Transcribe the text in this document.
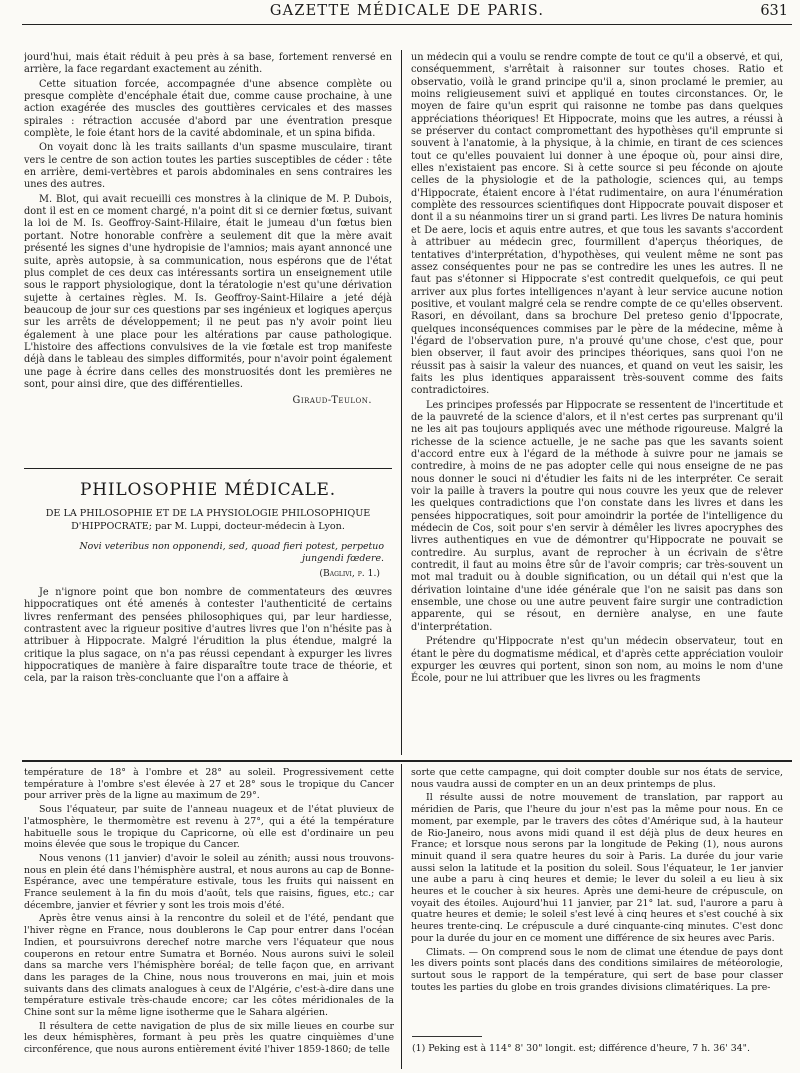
GAZETTE MÉDICALE DE PARIS.	631

jourd'hui, mais était réduit à peu près à sa base, fortement renversé en arrière, la face regardant exactement au zénith.

Cette situation forcée, accompagnée d'une absence complète ou presque complète d'encéphale était due, comme cause prochaine, à une action exagérée des muscles des gouttières cervicales et des masses spirales : rétraction accusée d'abord par une éventration presque complète, le foie étant hors de la cavité abdominale, et un spina bifida.

On voyait donc là les traits saillants d'un spasme musculaire, tirant vers le centre de son action toutes les parties susceptibles de céder : tête en arrière, demi-vertèbres et parois abdominales en sens contraires les unes des autres.

M. Blot, qui avait recueilli ces monstres à la clinique de M. P. Dubois, dont il est en ce moment chargé, n'a point dit si ce dernier fœtus, suivant la loi de M. Is. Geoffroy-Saint-Hilaire, était le jumeau d'un fœtus bien portant. Notre honorable confrère a seulement dit que la mère avait présenté les signes d'une hydropisie de l'amnios; mais ayant annoncé une suite, après autopsie, à sa communication, nous espérons que de l'état plus complet de ces deux cas intéressants sortira un enseignement utile sous le rapport physiologique, dont la tératologie n'est qu'une dérivation sujette à certaines règles. M. Is. Geoffroy-Saint-Hilaire a jeté déjà beaucoup de jour sur ces questions par ses ingénieux et logiques aperçus sur les arrêts de développement; il ne peut pas n'y avoir point lieu également à une place pour les altérations par cause pathologique. L'histoire des affections convulsives de la vie fœtale est trop manifeste déjà dans le tableau des simples difformités, pour n'avoir point également une page à écrire dans celles des monstruosités dont les premières ne sont, pour ainsi dire, que des différentielles.

Giraud-Teulon.

PHILOSOPHIE MÉDICALE.
DE LA PHILOSOPHIE ET DE LA PHYSIOLOGIE PHILOSOPHIQUE
D'HIPPOCRATE; par M. Luppi, docteur-médecin à Lyon.
Novi veteribus non opponendi, sed, quoad fieri potest, perpetuo jungendi fœdere.
(Baglivi, p. 1.)

Je n'ignore point que bon nombre de commentateurs des œuvres hippocratiques ont été amenés à contester l'authenticité de certains livres renfermant des pensées philosophiques qui, par leur hardiesse, contrastent avec la rigueur positive d'autres livres que l'on n'hésite pas à attribuer à Hippocrate. Malgré l'érudition la plus étendue, malgré la critique la plus sagace, on n'a pas réussi cependant à expurger les livres hippocratiques de manière à faire disparaître toute trace de théorie, et cela, par la raison très-concluante que l'on a affaire à

un médecin qui a voulu se rendre compte de tout ce qu'il a observé, et qui, conséquemment, s'arrêtait à raisonner sur toutes choses. Ratio et observatio, voilà le grand principe qu'il a, sinon proclamé le premier, au moins religieusement suivi et appliqué en toutes circonstances. Or, le moyen de faire qu'un esprit qui raisonne ne tombe pas dans quelques appréciations théoriques! Et Hippocrate, moins que les autres, a réussi à se préserver du contact compromettant des hypothèses qu'il emprunte si souvent à l'anatomie, à la physique, à la chimie, en tirant de ces sciences tout ce qu'elles pouvaient lui donner à une époque où, pour ainsi dire, elles n'existaient pas encore. Si à cette source si peu féconde on ajoute celles de la physiologie et de la pathologie, sciences qui, au temps d'Hippocrate, étaient encore à l'état rudimentaire, on aura l'énumération complète des ressources scientifiques dont Hippocrate pouvait disposer et dont il a su néanmoins tirer un si grand parti. Les livres De natura hominis et De aere, locis et aquis entre autres, et que tous les savants s'accordent à attribuer au médecin grec, fourmillent d'aperçus théoriques, de tentatives d'interprétation, d'hypothèses, qui veulent même ne sont pas assez conséquentes pour ne pas se contredire les unes les autres. Il ne faut pas s'étonner si Hippocrate s'est contredit quelquefois, ce qui peut arriver aux plus fortes intelligences n'ayant à leur service aucune notion positive, et voulant malgré cela se rendre compte de ce qu'elles observent. Rasori, en dévoilant, dans sa brochure Del preteso genio d'Ippocrate, quelques inconséquences commises par le père de la médecine, même à l'égard de l'observation pure, n'a prouvé qu'une chose, c'est que, pour bien observer, il faut avoir des principes théoriques, sans quoi l'on ne réussit pas à saisir la valeur des nuances, et quand on veut les saisir, les faits les plus identiques apparaissent très-souvent comme des faits contradictoires.

Les principes professés par Hippocrate se ressentent de l'incertitude et de la pauvreté de la science d'alors, et il n'est certes pas surprenant qu'il ne les ait pas toujours appliqués avec une méthode rigoureuse. Malgré la richesse de la science actuelle, je ne sache pas que les savants soient d'accord entre eux à l'égard de la méthode à suivre pour ne jamais se contredire, à moins de ne pas adopter celle qui nous enseigne de ne pas nous donner le souci ni d'étudier les faits ni de les interpréter. Ce serait voir la paille à travers la poutre qui nous couvre les yeux que de relever les quelques contradictions que l'on constate dans les livres et dans les pensées hippocratiques, soit pour amoindrir la portée de l'intelligence du médecin de Cos, soit pour s'en servir à démêler les livres apocryphes des livres authentiques en vue de démontrer qu'Hippocrate ne pouvait se contredire. Au surplus, avant de reprocher à un écrivain de s'être contredit, il faut au moins être sûr de l'avoir compris; car très-souvent un mot mal traduit ou à double signification, ou un détail qui n'est que la dérivation lointaine d'une idée générale que l'on ne saisit pas dans son ensemble, une chose ou une autre peuvent faire surgir une contradiction apparente, qui se résout, en dernière analyse, en une faute d'interprétation.

Prétendre qu'Hippocrate n'est qu'un médecin observateur, tout en étant le père du dogmatisme médical, et d'après cette appréciation vouloir expurger les œuvres qui portent, sinon son nom, au moins le nom d'une École, pour ne lui attribuer que les livres ou les fragments

température de 18° à l'ombre et 28° au soleil. Progressivement cette température à l'ombre s'est élevée à 27 et 28° sous le tropique du Cancer pour arriver près de la ligne au maximum de 29°.

Sous l'équateur, par suite de l'anneau nuageux et de l'état pluvieux de l'atmosphère, le thermomètre est revenu à 27°, qui a été la température habituelle sous le tropique du Capricorne, où elle est d'ordinaire un peu moins élevée que sous le tropique du Cancer.

Nous venons (11 janvier) d'avoir le soleil au zénith; aussi nous trouvons-nous en plein été dans l'hémisphère austral, et nous aurons au cap de Bonne-Espérance, avec une température estivale, tous les fruits qui naissent en France seulement à la fin du mois d'août, tels que raisins, figues, etc.; car décembre, janvier et février y sont les trois mois d'été.

Après être venus ainsi à la rencontre du soleil et de l'été, pendant que l'hiver règne en France, nous doublerons le Cap pour entrer dans l'océan Indien, et poursuivrons derechef notre marche vers l'équateur que nous couperons en retour entre Sumatra et Bornéo. Nous aurons suivi le soleil dans sa marche vers l'hémisphère boréal; de telle façon que, en arrivant dans les parages de la Chine, nous nous trouverons en mai, juin et mois suivants dans des climats analogues à ceux de l'Algérie, c'est-à-dire dans une température estivale très-chaude encore; car les côtes méridionales de la Chine sont sur la même ligne isotherme que le Sahara algérien.

Il résultera de cette navigation de plus de six mille lieues en courbe sur les deux hémisphères, formant à peu près les quatre cinquièmes d'une circonférence, que nous aurons entièrement évité l'hiver 1859-1860; de telle

sorte que cette campagne, qui doit compter double sur nos états de service, nous vaudra aussi de compter en un an deux printemps de plus.

Il résulte aussi de notre mouvement de translation, par rapport au méridien de Paris, que l'heure du jour n'est pas la même pour nous. En ce moment, par exemple, par le travers des côtes d'Amérique sud, à la hauteur de Rio-Janeiro, nous avons midi quand il est déjà plus de deux heures en France; et lorsque nous serons par la longitude de Peking (1), nous aurons minuit quand il sera quatre heures du soir à Paris. La durée du jour varie aussi selon la latitude et la position du soleil. Sous l'équateur, le 1er janvier une aube a paru à cinq heures et demie; le lever du soleil a eu lieu à six heures et le coucher à six heures. Après une demi-heure de crépuscule, on voyait des étoiles. Aujourd'hui 11 janvier, par 21° lat. sud, l'aurore a paru à quatre heures et demie; le soleil s'est levé à cinq heures et s'est couché à six heures trente-cinq. Le crépuscule a duré cinquante-cinq minutes. C'est donc pour la durée du jour en ce moment une différence de six heures avec Paris.

Climats. — On comprend sous le nom de climat une étendue de pays dont les divers points sont placés dans des conditions similaires de météorologie, surtout sous le rapport de la température, qui sert de base pour classer toutes les parties du globe en trois grandes divisions climatériques. La pre-

(1) Peking est à 114° 8' 30" longit. est; différence d'heure, 7 h. 36' 34".
